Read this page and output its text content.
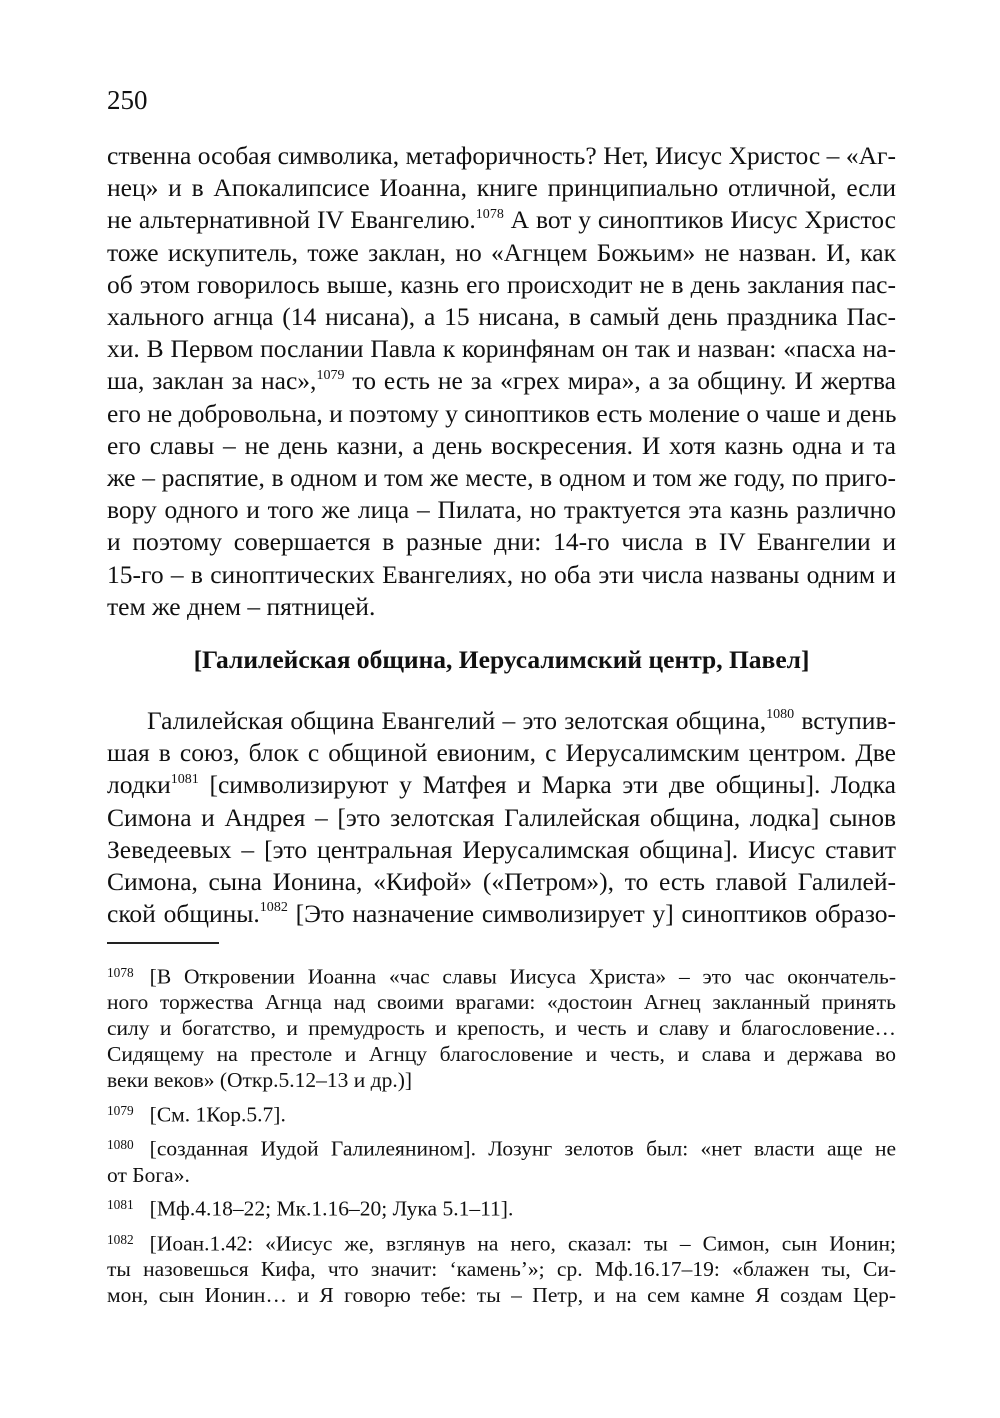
250
ственна особая символика, метафоричность? Нет, Иисус Христос – «Аг-
нец» и в Апокалипсисе Иоанна, книге принципиально отличной, если
не альтернативной IV Евангелию.$^{1078}$ А вот у синоптиков Иисус Христос
тоже искупитель, тоже заклан, но «Агнцем Божьим» не назван. И, как
об этом говорилось выше, казнь его происходит не в день заклания пас-
хального агнца (14 нисана), а 15 нисана, в самый день праздника Пас-
хи. В Первом послании Павла к коринфянам он так и назван: «пасха на-
ша, заклан за нас»,$^{1079}$ то есть не за «грех мира», а за общину. И жертва
его не добровольна, и поэтому у синоптиков есть моление о чаше и день
его славы – не день казни, а день воскресения. И хотя казнь одна и та
же – распятие, в одном и том же месте, в одном и том же году, по приго-
вору одного и того же лица – Пилата, но трактуется эта казнь различно
и поэтому совершается в разные дни: 14-го числа в IV Евангелии и
15-го – в синоптических Евангелиях, но оба эти числа названы одним и
тем же днем – пятницей.
[Галилейская община, Иерусалимский центр, Павел]
Галилейская община Евангелий – это зелотская община,$^{1080}$ вступив-
шая в союз, блок с общиной евионим, с Иерусалимским центром. Две
лодки$^{1081}$ [символизируют у Матфея и Марка эти две общины]. Лодка
Симона и Андрея – [это зелотская Галилейская община, лодка] сынов
Зеведеевых – [это центральная Иерусалимская община]. Иисус ставит
Симона, сына Ионина, «Кифой» («Петром»), то есть главой Галилей-
ской общины.$^{1082}$ [Это назначение символизирует у] синоптиков образо-
$^{1078}$ [В Откровении Иоанна «час славы Иисуса Христа» – это час окончатель-
ного торжества Агнца над своими врагами: «достоин Агнец закланный принять
силу и богатство, и премудрость и крепость, и честь и славу и благословение…
Сидящему на престоле и Агнцу благословение и честь, и слава и держава во
веки веков» (Откр.5.12–13 и др.)]
$^{1079}$ [См. 1Кор.5.7].
$^{1080}$ [созданная Иудой Галилеянином]. Лозунг зелотов был: «нет власти аще не
от Бога».
$^{1081}$ [Мф.4.18–22; Мк.1.16–20; Лука 5.1–11].
$^{1082}$ [Иоан.1.42: «Иисус же, взглянув на него, сказал: ты – Симон, сын Ионин;
ты назовешься Кифа, что значит: ‘камень’»; ср. Мф.16.17–19: «блажен ты, Си-
мон, сын Ионин… и Я говорю тебе: ты – Петр, и на сем камне Я создам Цер-
